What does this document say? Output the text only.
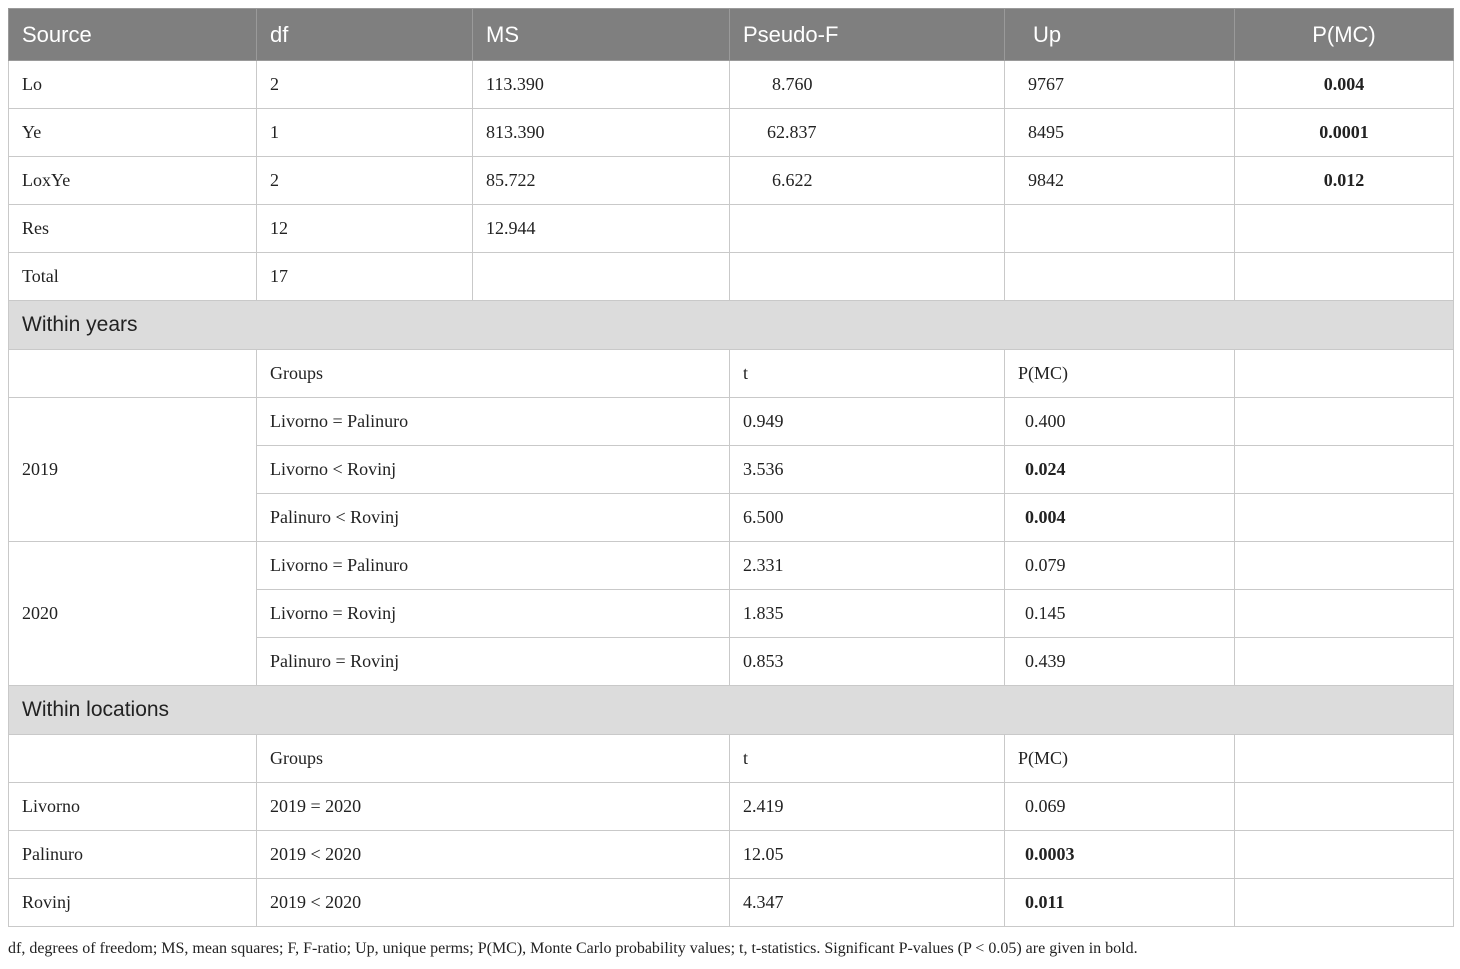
Source	df	MS	Pseudo-F	Up	P(MC)
Lo	2	113.390	8.760	9767	0.004
Ye	1	813.390	62.837	8495	0.0001
LoxYe	2	85.722	6.622	9842	0.012
Res	12	12.944			
Total	17				
Within years					
	Groups		t	P(MC)	
2019	Livorno = Palinuro		0.949	0.400	
	Livorno < Rovinj		3.536	0.024	
	Palinuro < Rovinj		6.500	0.004	
2020	Livorno = Palinuro		2.331	0.079	
	Livorno = Rovinj		1.835	0.145	
	Palinuro = Rovinj		0.853	0.439	
Within locations					
	Groups		t	P(MC)	
Livorno	2019 = 2020		2.419	0.069	
Palinuro	2019 < 2020		12.05	0.0003	
Rovinj	2019 < 2020		4.347	0.011	
df, degrees of freedom; MS, mean squares; F, F-ratio; Up, unique perms; P(MC), Monte Carlo probability values; t, t-statistics. Significant P-values (P < 0.05) are given in bold.
